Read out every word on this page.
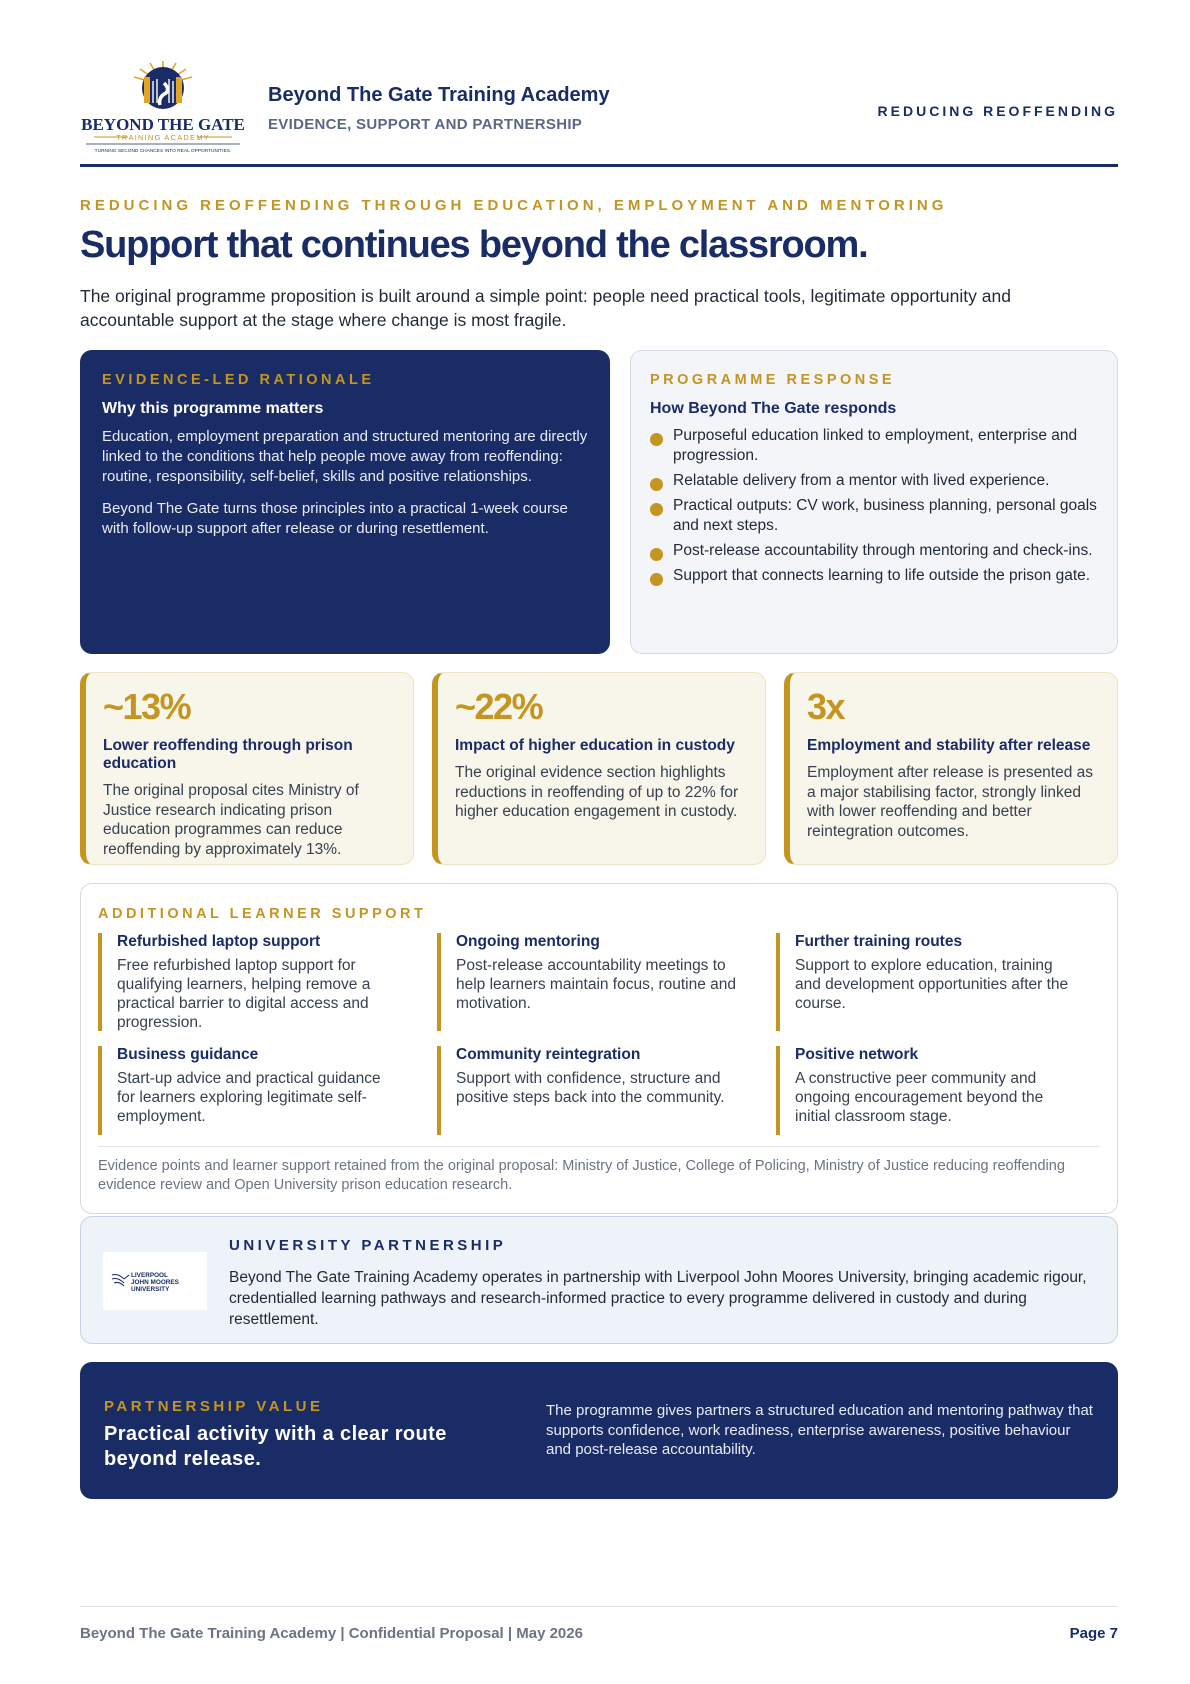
BEYOND THE GATE
TRAINING ACADEMY
TURNING SECOND CHANCES INTO REAL OPPORTUNITIES.
Beyond The Gate Training Academy
EVIDENCE, SUPPORT AND PARTNERSHIP
REDUCING REOFFENDING
REDUCING REOFFENDING THROUGH EDUCATION, EMPLOYMENT AND MENTORING
Support that continues beyond the classroom.

The original programme proposition is built around a simple point: people need practical tools, legitimate opportunity and accountable support at the stage where change is most fragile.

EVIDENCE-LED RATIONALE
Why this programme matters

Education, employment preparation and structured mentoring are directly linked to the conditions that help people move away from reoffending: routine, responsibility, self-belief, skills and positive relationships.

Beyond The Gate turns those principles into a practical 1-week course with follow-up support after release or during resettlement.

PROGRAMME RESPONSE
How Beyond The Gate responds
Purposeful education linked to employment, enterprise and progression.
Relatable delivery from a mentor with lived experience.
Practical outputs: CV work, business planning, personal goals and next steps.
Post-release accountability through mentoring and check-ins.
Support that connects learning to life outside the prison gate.
~13%
Lower reoffending through prison education
The original proposal cites Ministry of Justice research indicating prison education programmes can reduce reoffending by approximately 13%.
~22%
Impact of higher education in custody
The original evidence section highlights reductions in reoffending of up to 22% for higher education engagement in custody.
3x
Employment and stability after release
Employment after release is presented as a major stabilising factor, strongly linked with lower reoffending and better reintegration outcomes.
ADDITIONAL LEARNER SUPPORT
Refurbished laptop support
Free refurbished laptop support for qualifying learners, helping remove a practical barrier to digital access and progression.
Ongoing mentoring
Post-release accountability meetings to help learners maintain focus, routine and motivation.
Further training routes
Support to explore education, training and development opportunities after the course.
Business guidance
Start-up advice and practical guidance for learners exploring legitimate self-employment.
Community reintegration
Support with confidence, structure and positive steps back into the community.
Positive network
A constructive peer community and ongoing encouragement beyond the initial classroom stage.
Evidence points and learner support retained from the original proposal: Ministry of Justice, College of Policing, Ministry of Justice reducing reoffending evidence review and Open University prison education research.
LIVERPOOL
JOHN MOORES
UNIVERSITY
UNIVERSITY PARTNERSHIP
Beyond The Gate Training Academy operates in partnership with Liverpool John Moores University, bringing academic rigour, credentialled learning pathways and research-informed practice to every programme delivered in custody and during resettlement.
PARTNERSHIP VALUE
Practical activity with a clear route beyond release.
The programme gives partners a structured education and mentoring pathway that supports confidence, work readiness, enterprise awareness, positive behaviour and post-release accountability.
Beyond The Gate Training Academy | Confidential Proposal | May 2026	Page 7
